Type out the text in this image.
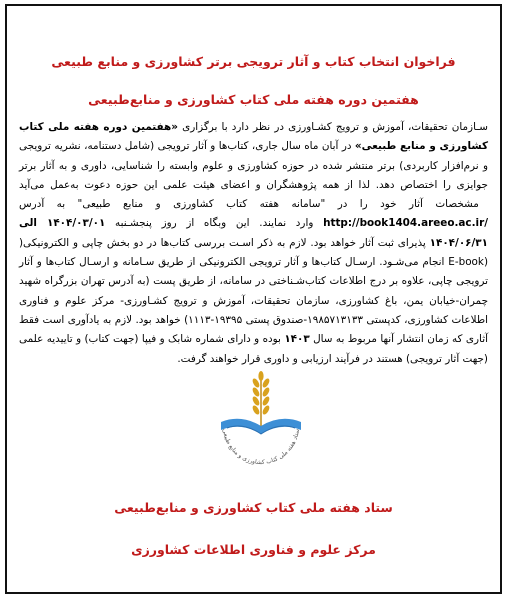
فراخوان انتخاب کتاب و آثار ترویجی برتر کشاورزی و منابع طبیعی
هفتمین دوره هفته ملی کتاب کشاورزی و منابع‌طبیعی
سـازمان تحقیقات، آموزش و ترویج کشـاورزی در نظر دارد با برگزاری «هفتمین دوره هفته ملی کتاب کشاورزی و منابع طبیعی» در آبان ماه سال جاری، کتاب‌ها و آثار ترویجی (شامل دستنامه، نشریه ترویجی و نرم‌افزار کاربردی) برتر منتشر شده در حوزه کشاورزی و علوم وابسته را شناسایی، داوری و به آثار برتر جوایزی را اختصاص دهد. لذا از همه پژوهشگران و اعضای هیئت علمی این حوزه دعوت به‌عمل می‌آید مشخصات آثار خود را در "سامانه هفته کتاب کشاورزی و منابع طبیعی" به آدرس http://book1404.areeo.ac.ir/ وارد نمایند. این وبگاه از روز پنجشـنبه ۱۴۰۴/۰۳/۰۱ الی ۱۴۰۴/۰۶/۳۱ پذیرای ثبت آثار خواهد بود. لازم به ذکر اسـت بررسی کتاب‌ها در دو بخش چاپی و الکترونیکی( (E-book انجام می‌شـود. ارسـال کتاب‌ها و آثار ترویجی الکترونیکی از طریق سـامانه و ارسـال کتاب‌ها و آثار ترویجی چاپی، علاوه بر درج اطلاعات کتاب‌شـناختی در سامانه، از طریق پست (به آدرس تهران بزرگراه شهید چمران-خیابان یمن، باغ کشاورزی، سازمان تحقیقات، آموزش و ترویج کشـاورزی- مرکز علوم و فناوری اطلاعات کشاورزی، کدپستی ۱۹۸۵۷۱۳۱۳۳-صندوق پستی ۱۹۳۹۵-۱۱۱۳) خواهد بود. لازم به یادآوری است فقط آثاری که زمان انتشار آنها مربوط به سال ۱۴۰۳ بوده و دارای شماره شابک و فیپا (جهت کتاب) و تاییدیه علمی (جهت آثار ترویجی) هستند در فرآیند ارزیابی و داوری قرار خواهند گرفت.
ستاد هفته ملی کتاب کشاورزی و منابع طبیعی
ستاد هفته ملی کتاب کشاورزی و منابع‌طبیعی
مرکز علوم و فناوری اطلاعات کشاورزی
